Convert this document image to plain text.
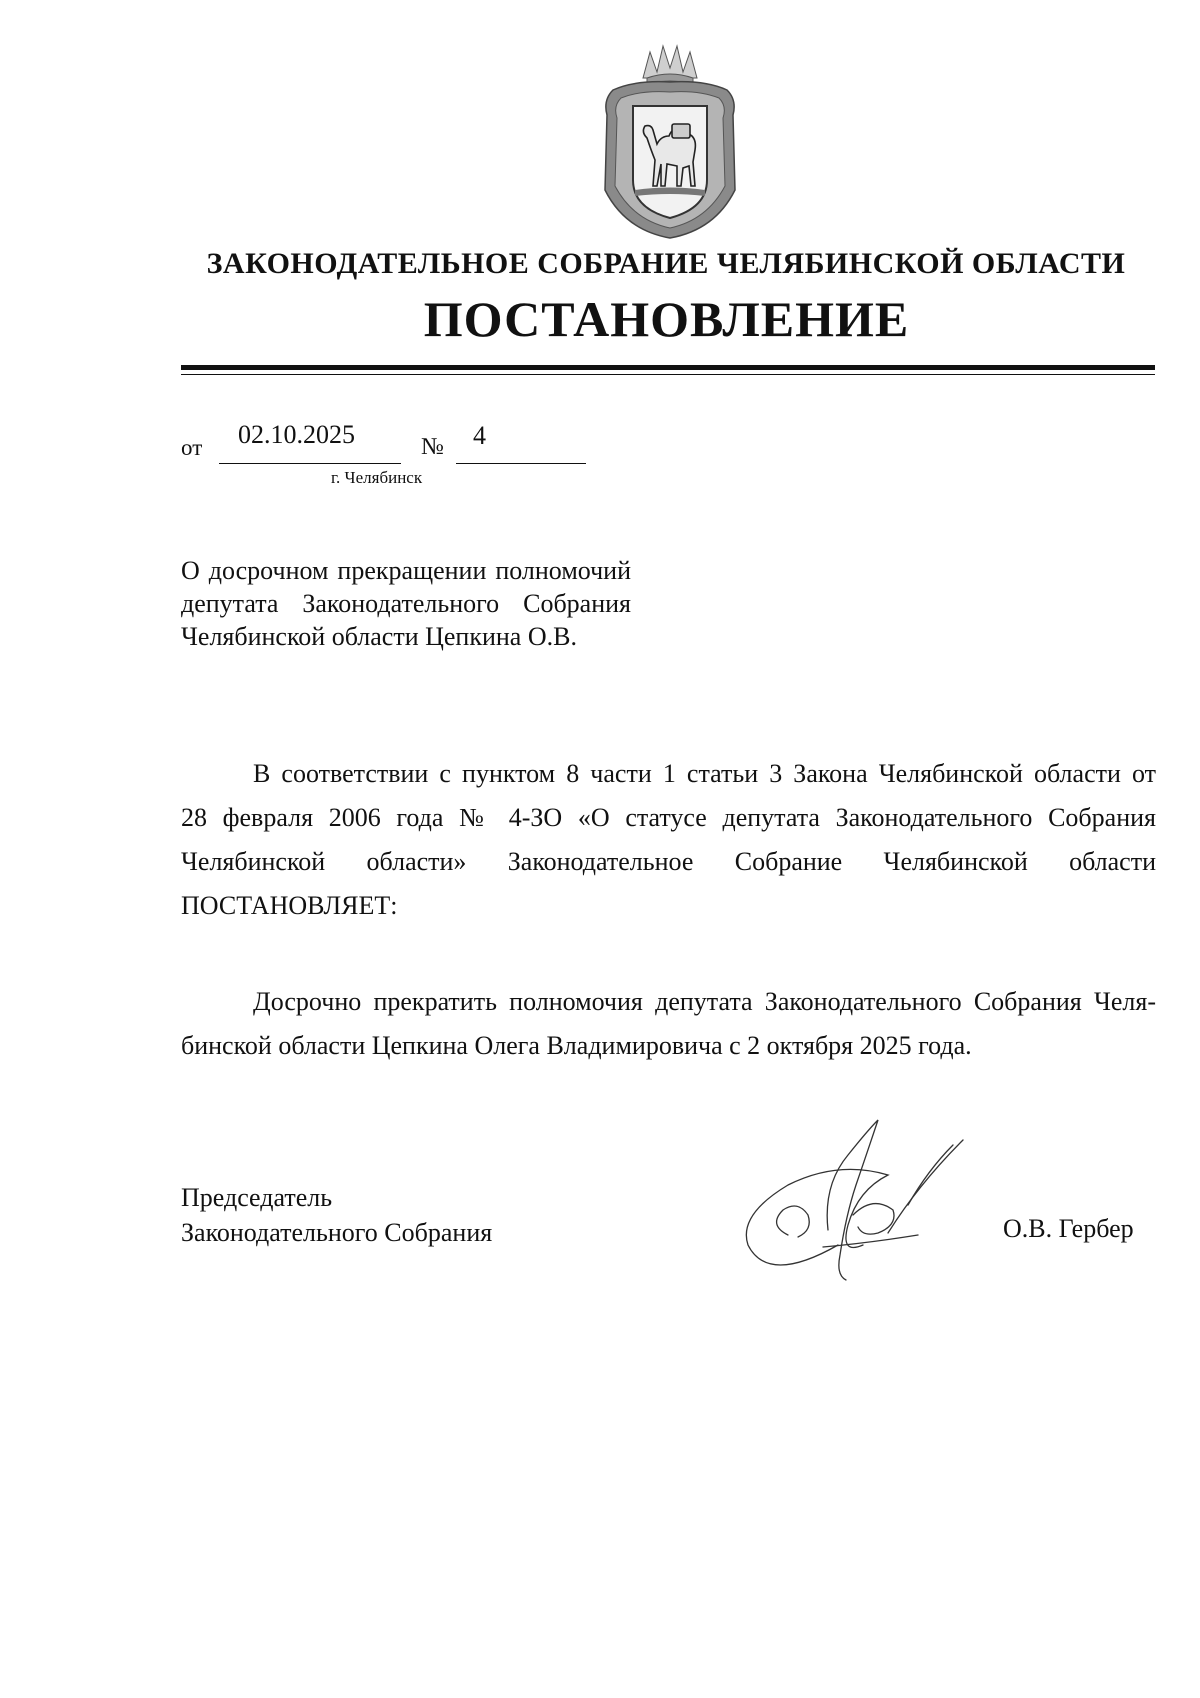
ЗАКОНОДАТЕЛЬНОЕ СОБРАНИЕ ЧЕЛЯБИНСКОЙ ОБЛАСТИ
ПОСТАНОВЛЕНИЕ
от 02.10.2025	№ 4
г. Челябинск
О досрочном прекращении полномочий
депутата Законодательного Собрания
Челябинской области Цепкина О.В.
В соответствии с пунктом 8 части 1 статьи 3 Закона Челябинской области от
28 февраля 2006 года № 4-ЗО «О статусе депутата Законодательного Собрания
Челябинской области» Законодательное Собрание Челябинской области
ПОСТАНОВЛЯЕТ:
Досрочно прекратить полномочия депутата Законодательного Собрания Челя-
бинской области Цепкина Олега Владимировича с 2 октября 2025 года.
Председатель
Законодательного Собрания	О.В. Гербер
